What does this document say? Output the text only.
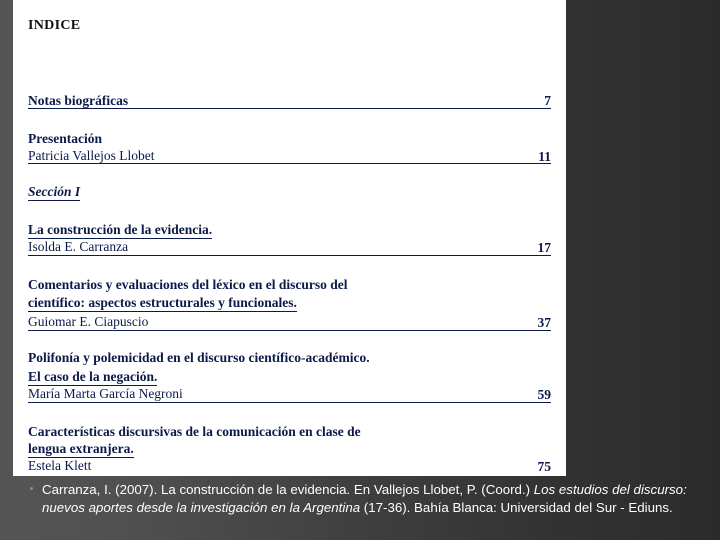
INDICE
Notas biográficas	7
Presentación
Patricia Vallejos Llobet	11
Sección I
La construcción de la evidencia.
Isolda E. Carranza	17
Comentarios y evaluaciones del léxico en el discurso del
científico: aspectos estructurales y funcionales.
Guiomar E. Ciapuscio	37
Polifonía y polemicidad en el discurso científico-académico.
El caso de la negación.
María Marta García Negroni	59
Características discursivas de la comunicación en clase de
lengua extranjera.
Estela Klett	75
Carranza, I. (2007). La construcción de la evidencia. En Vallejos Llobet, P. (Coord.) Los estudios del discurso: nuevos aportes desde la investigación en la Argentina (17-36). Bahía Blanca: Universidad del Sur - Ediuns.
